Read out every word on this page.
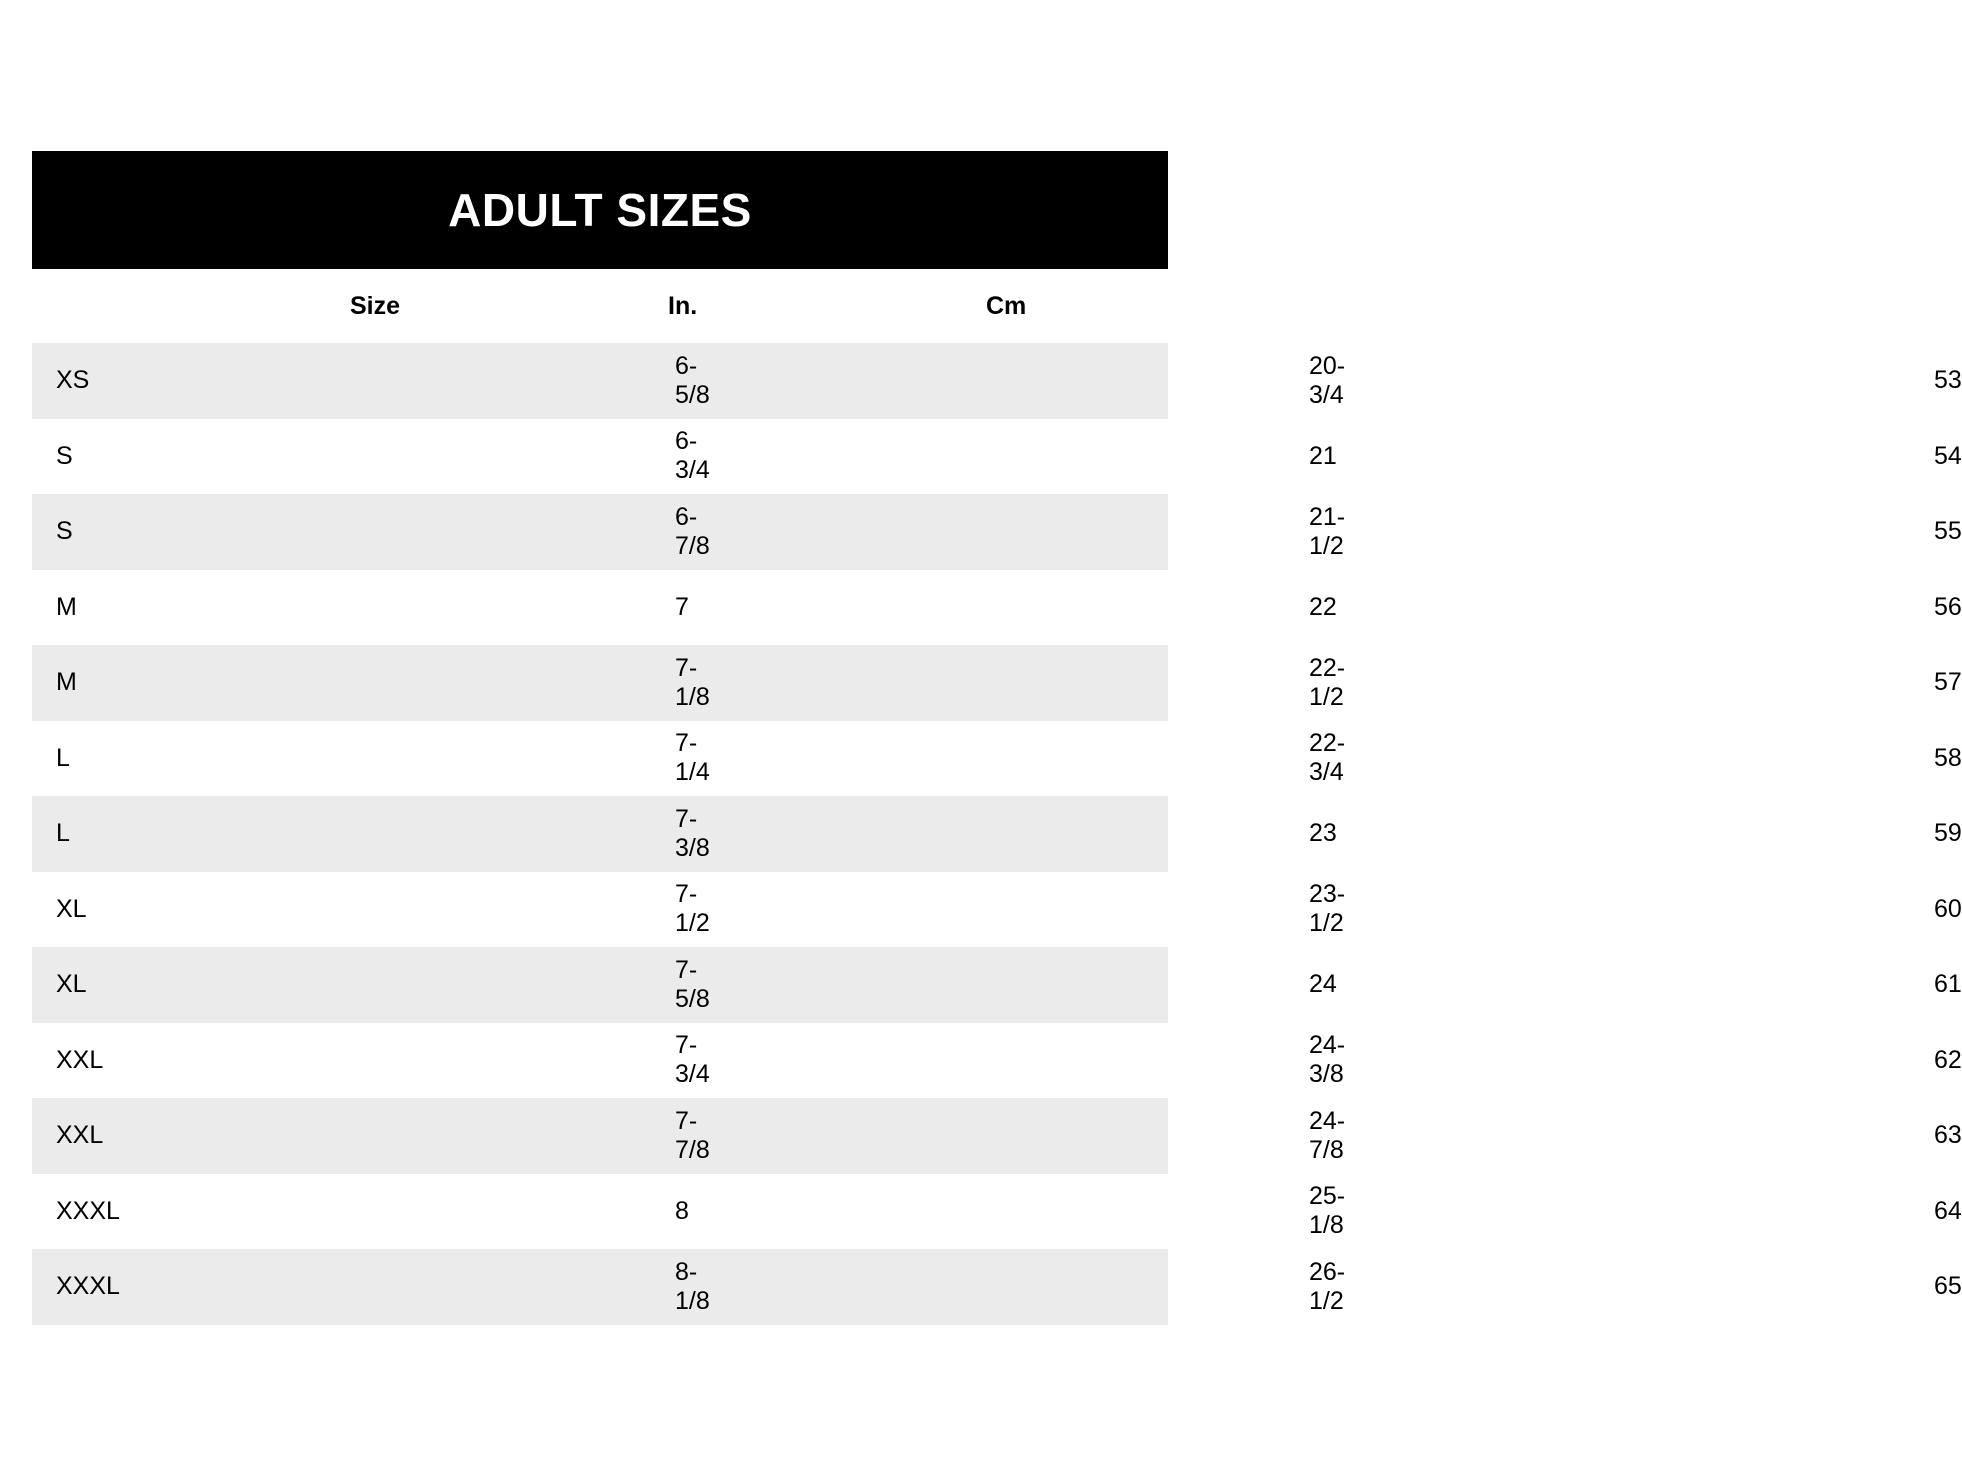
ADULT SIZES
	Size	In.	Cm
XS	6-5/8	20-3/4	53
S	6-3/4	21	54
S	6-7/8	21-1/2	55
M	7	22	56
M	7-1/8	22-1/2	57
L	7-1/4	22-3/4	58
L	7-3/8	23	59
XL	7-1/2	23-1/2	60
XL	7-5/8	24	61
XXL	7-3/4	24-3/8	62
XXL	7-7/8	24-7/8	63
XXXL	8	25-1/8	64
XXXL	8-1/8	26-1/2	65
